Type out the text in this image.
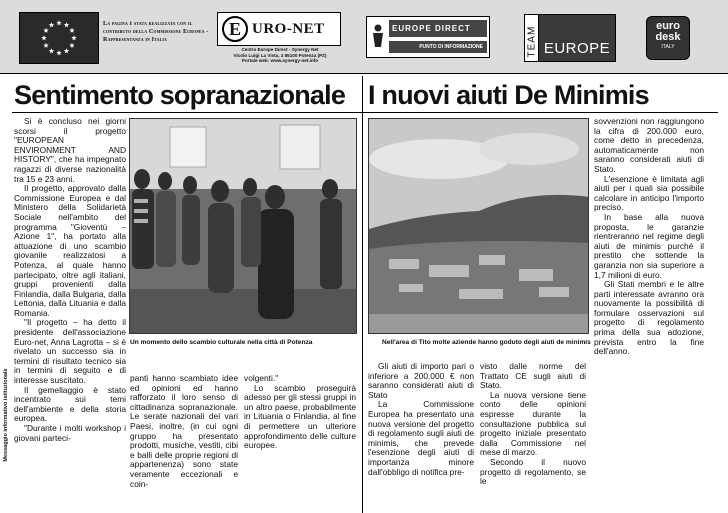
La pagina è stata realizzata con il contributo della Commissione Europea - Rappresentanza in Italia
E URO-NET
Centro Europe Direct - Synergy Net
Vicolo Luigi La Vista, 3 85100 Potenza (PZ)
Portale web: www.synergy-net.info
EUROPE DIRECT
PUNTO DI INFORMAZIONE	TEAM EUROPE
euro
desk
ITALY
Sentimento sopranazionale I nuovi aiuti De Minimis

Si è concluso nei giorni scorsi il progetto "EUROPEAN ENVIRONMENT AND HISTORY", che ha impegnato ragazzi di diverse nazionalità tra 15 e 23 anni.

Il progetto, approvato dalla Commissione Europea e dal Ministero della Solidarietà Sociale nell'ambito del programma "Gioventù – Azione 1", ha portato alla attuazione di uno scambio giovanile realizzatosi a Potenza, al quale hanno partecipato, oltre agli italiani, gruppi provenienti dalla Finlandia, dalla Bulgaria, dalla Lettonia, dalla Lituania e dalla Romania.

"Il progetto – ha detto il presidente dell'associazione Euro-net, Anna Lagrotta – si è rivelato un successo sia in termini di risultato tecnico sia in termini di seguito e di interesse suscitato.

Il gemellaggio è stato incentrato sui temi dell'ambiente e della storia europea.

"Durante i molti workshop i giovani parteci-

Un momento dello scambio culturale nella città di Potenza

panti hanno scambiato idee ed opinioni ed hanno rafforzato il loro senso di cittadinanza sopranazionale. Le serate nazionali dei vari Paesi, inoltre, (in cui ogni gruppo ha presentato prodotti, musiche, vestiti, cibi e balli delle proprie regioni di appartenenza) sono state veramente eccezionali e coin-

volgenti."

Lo scambio proseguirà adesso per gli stessi gruppi in un altro paese, probabilmente in Lituania o Finlandia, al fine di permettere un ulteriore approfondimento delle culture europee.

Nell'area di Tito molte aziende hanno goduto degli aiuti de minimis

Gli aiuti di importo pari o inferiore a 200.000 € non saranno considerati aiuti di Stato

La Commissione Europea ha presentato una nuova versione del progetto di regolamento sugli aiuti de minimis, che prevede l'esenzione degli aiuti di importanza minore dall'obbligo di notifica pre-

visto dalle norme del Trattato CE sugli aiuti di Stato.

La nuova versione tiene conto delle opinioni espresse durante la consultazione pubblica sul progetto iniziale presentato dalla Commissione nel mese di marzo.

Secondo il nuovo progetto di regolamento, se le

sovvenzioni non raggiungono la cifra di 200.000 euro, come detto in precedenza, automaticamente non saranno considerati aiuti di Stato.

L'esenzione è limitata agli aiuti per i quali sia possibile calcolare in anticipo l'importo preciso.

In base alla nuova proposta, le garanzie rientreranno nel regime degli aiuti de minimis purché il prestito che sottende la garanzia non sia superiore a 1,7 milioni di euro.

Gli Stati membri e le altre parti interessate avranno ora nuovamente la possibilità di formulare osservazioni sul progetto di regolamento prima della sua adozione, prevista entro la fine dell'anno.

Messaggio informativo istituzionale
